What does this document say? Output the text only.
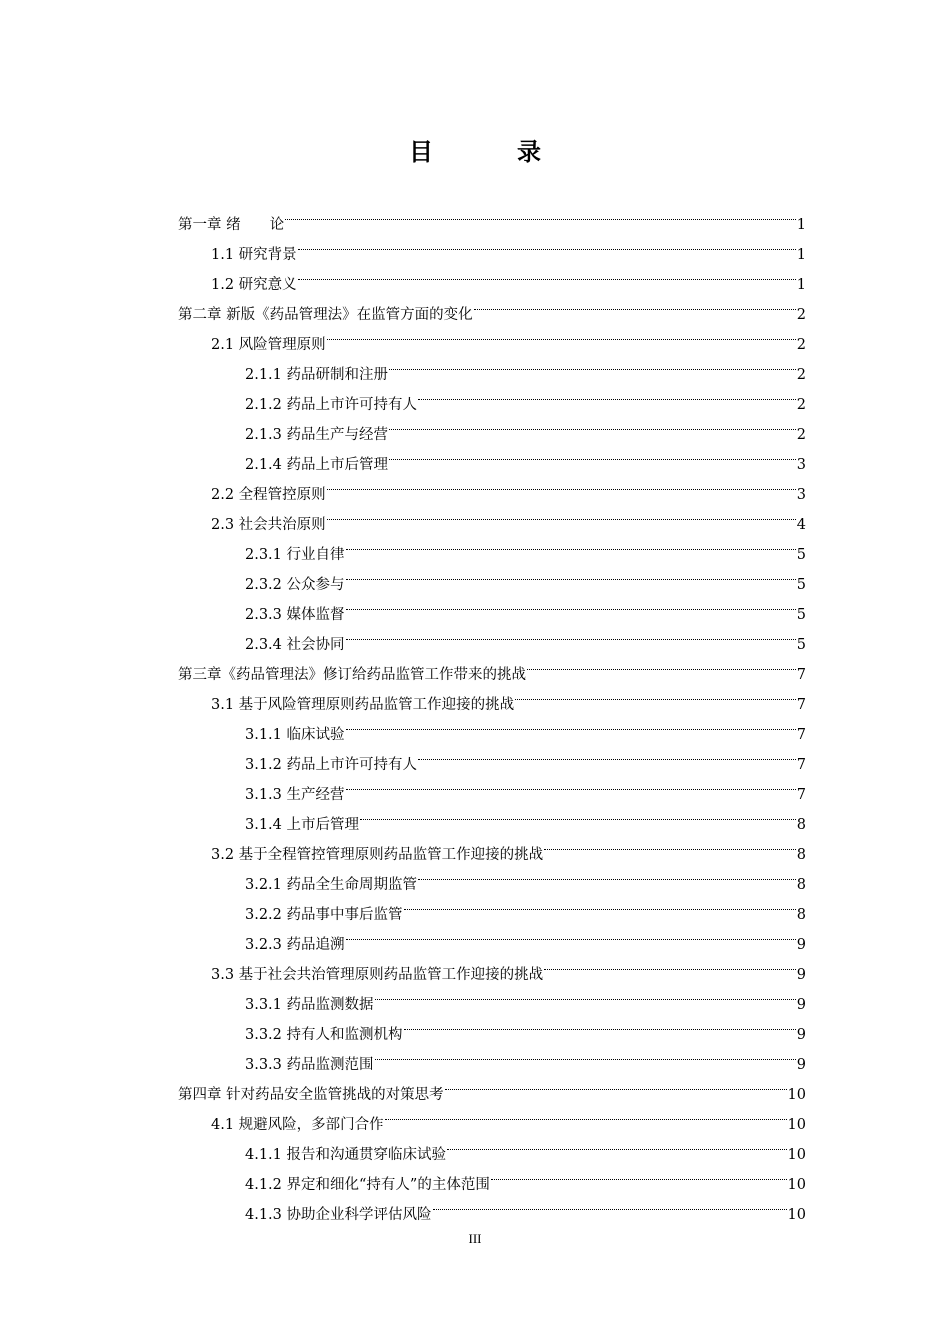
目　录
第一章 绪　　论	1
1.1 研究背景	1
1.2 研究意义	1
第二章 新版《药品管理法》在监管方面的变化	2
2.1 风险管理原则	2
2.1.1 药品研制和注册	2
2.1.2 药品上市许可持有人	2
2.1.3 药品生产与经营	2
2.1.4 药品上市后管理	3
2.2 全程管控原则	3
2.3 社会共治原则	4
2.3.1 行业自律	5
2.3.2 公众参与	5
2.3.3 媒体监督	5
2.3.4 社会协同	5
第三章《药品管理法》修订给药品监管工作带来的挑战	7
3.1 基于风险管理原则药品监管工作迎接的挑战	7
3.1.1 临床试验	7
3.1.2 药品上市许可持有人	7
3.1.3 生产经营	7
3.1.4 上市后管理	8
3.2 基于全程管控管理原则药品监管工作迎接的挑战	8
3.2.1 药品全生命周期监管	8
3.2.2 药品事中事后监管	8
3.2.3 药品追溯	9
3.3 基于社会共治管理原则药品监管工作迎接的挑战	9
3.3.1 药品监测数据	9
3.3.2 持有人和监测机构	9
3.3.3 药品监测范围	9
第四章 针对药品安全监管挑战的对策思考	10
4.1 规避风险，多部门合作	10
4.1.1 报告和沟通贯穿临床试验	10
4.1.2 界定和细化“持有人”的主体范围	10
4.1.3 协助企业科学评估风险	10
III
